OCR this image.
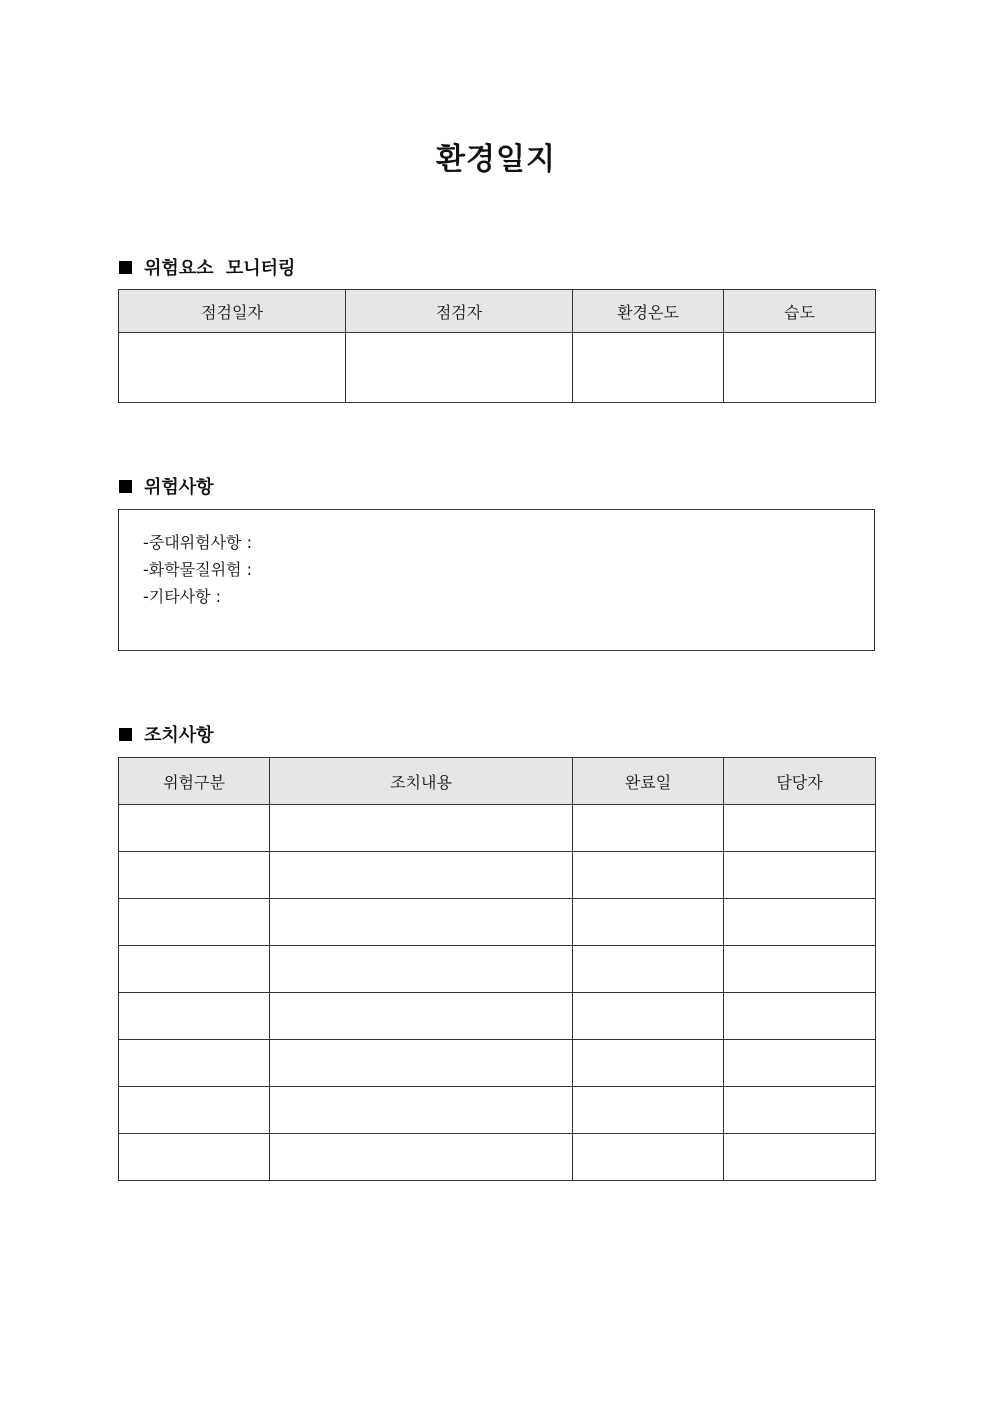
환경일지
위험요소 모니터링
점검일자	점검자	환경온도	습도

위험사항
-중대위험사항 :
-화학물질위험 :
-기타사항 :
조치사항
위험구분	조치내용	완료일	담당자
